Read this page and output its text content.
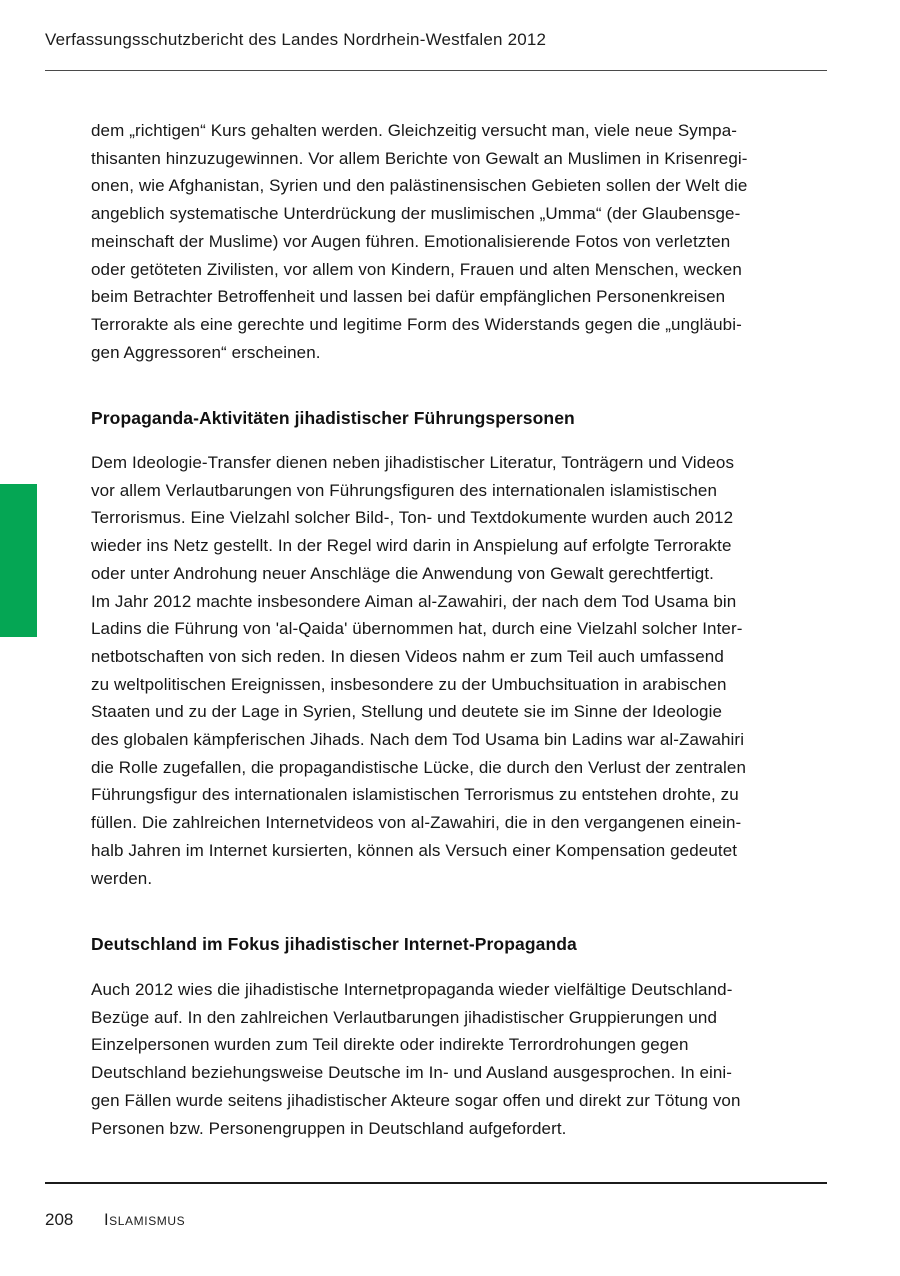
Verfassungsschutzbericht des Landes Nordrhein-Westfalen 2012
dem „richtigen“ Kurs gehalten werden. Gleichzeitig versucht man, viele neue Sympa-
thisanten hinzuzugewinnen. Vor allem Berichte von Gewalt an Muslimen in Krisenregi-
onen, wie Afghanistan, Syrien und den palästinensischen Gebieten sollen der Welt die
angeblich systematische Unterdrückung der muslimischen „Umma“ (der Glaubensge-
meinschaft der Muslime) vor Augen führen. Emotionalisierende Fotos von verletzten
oder getöteten Zivilisten, vor allem von Kindern, Frauen und alten Menschen, wecken
beim Betrachter Betroffenheit und lassen bei dafür empfänglichen Personenkreisen
Terrorakte als eine gerechte und legitime Form des Widerstands gegen die „ungläubi-
gen Aggressoren“ erscheinen.
Propaganda-Aktivitäten jihadistischer Führungspersonen
Dem Ideologie-Transfer dienen neben jihadistischer Literatur, Tonträgern und Videos
vor allem Verlautbarungen von Führungsfiguren des internationalen islamistischen
Terrorismus. Eine Vielzahl solcher Bild-, Ton- und Textdokumente wurden auch 2012
wieder ins Netz gestellt. In der Regel wird darin in Anspielung auf erfolgte Terrorakte
oder unter Androhung neuer Anschläge die Anwendung von Gewalt gerechtfertigt.
Im Jahr 2012 machte insbesondere Aiman al-Zawahiri, der nach dem Tod Usama bin
Ladins die Führung von 'al-Qaida' übernommen hat, durch eine Vielzahl solcher Inter-
netbotschaften von sich reden. In diesen Videos nahm er zum Teil auch umfassend
zu weltpolitischen Ereignissen, insbesondere zu der Umbuchsituation in arabischen
Staaten und zu der Lage in Syrien, Stellung und deutete sie im Sinne der Ideologie
des globalen kämpferischen Jihads. Nach dem Tod Usama bin Ladins war al-Zawahiri
die Rolle zugefallen, die propagandistische Lücke, die durch den Verlust der zentralen
Führungsfigur des internationalen islamistischen Terrorismus zu entstehen drohte, zu
füllen. Die zahlreichen Internetvideos von al-Zawahiri, die in den vergangenen einein-
halb Jahren im Internet kursierten, können als Versuch einer Kompensation gedeutet
werden.
Deutschland im Fokus jihadistischer Internet-Propaganda
Auch 2012 wies die jihadistische Internetpropaganda wieder vielfältige Deutschland-
Bezüge auf. In den zahlreichen Verlautbarungen jihadistischer Gruppierungen und
Einzelpersonen wurden zum Teil direkte oder indirekte Terrordrohungen gegen
Deutschland beziehungsweise Deutsche im In- und Ausland ausgesprochen. In eini-
gen Fällen wurde seitens jihadistischer Akteure sogar offen und direkt zur Tötung von
Personen bzw. Personengruppen in Deutschland aufgefordert.
208 Islamismus
